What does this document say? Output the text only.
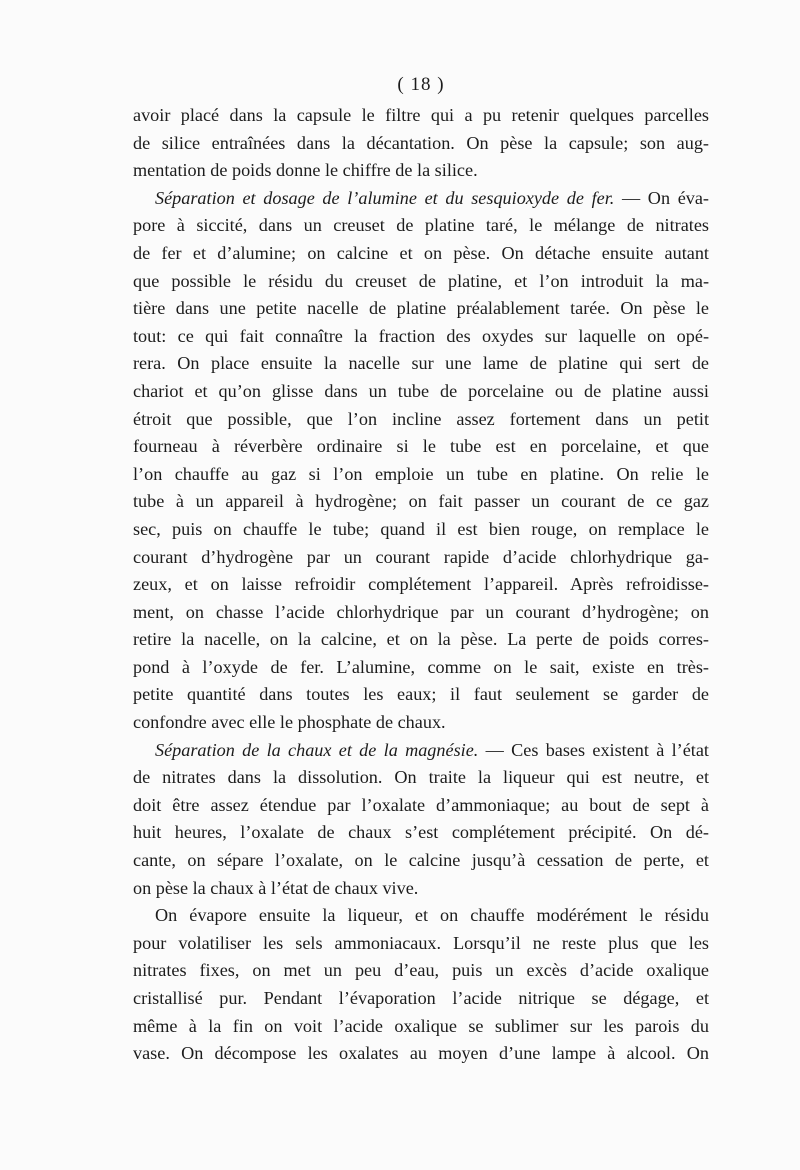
( 18 )
avoir placé dans la capsule le filtre qui a pu retenir quelques parcelles
de silice entraînées dans la décantation. On pèse la capsule; son aug-
mentation de poids donne le chiffre de la silice.
Séparation et dosage de l’alumine et du sesquioxyde de fer. — On éva-
pore à siccité, dans un creuset de platine taré, le mélange de nitrates
de fer et d’alumine; on calcine et on pèse. On détache ensuite autant
que possible le résidu du creuset de platine, et l’on introduit la ma-
tière dans une petite nacelle de platine préalablement tarée. On pèse le
tout: ce qui fait connaître la fraction des oxydes sur laquelle on opé-
rera. On place ensuite la nacelle sur une lame de platine qui sert de
chariot et qu’on glisse dans un tube de porcelaine ou de platine aussi
étroit que possible, que l’on incline assez fortement dans un petit
fourneau à réverbère ordinaire si le tube est en porcelaine, et que
l’on chauffe au gaz si l’on emploie un tube en platine. On relie le
tube à un appareil à hydrogène; on fait passer un courant de ce gaz
sec, puis on chauffe le tube; quand il est bien rouge, on remplace le
courant d’hydrogène par un courant rapide d’acide chlorhydrique ga-
zeux, et on laisse refroidir complétement l’appareil. Après refroidisse-
ment, on chasse l’acide chlorhydrique par un courant d’hydrogène; on
retire la nacelle, on la calcine, et on la pèse. La perte de poids corres-
pond à l’oxyde de fer. L’alumine, comme on le sait, existe en très-
petite quantité dans toutes les eaux; il faut seulement se garder de
confondre avec elle le phosphate de chaux.
Séparation de la chaux et de la magnésie. — Ces bases existent à l’état
de nitrates dans la dissolution. On traite la liqueur qui est neutre, et
doit être assez étendue par l’oxalate d’ammoniaque; au bout de sept à
huit heures, l’oxalate de chaux s’est complétement précipité. On dé-
cante, on sépare l’oxalate, on le calcine jusqu’à cessation de perte, et
on pèse la chaux à l’état de chaux vive.
On évapore ensuite la liqueur, et on chauffe modérément le résidu
pour volatiliser les sels ammoniacaux. Lorsqu’il ne reste plus que les
nitrates fixes, on met un peu d’eau, puis un excès d’acide oxalique
cristallisé pur. Pendant l’évaporation l’acide nitrique se dégage, et
même à la fin on voit l’acide oxalique se sublimer sur les parois du
vase. On décompose les oxalates au moyen d’une lampe à alcool. On
